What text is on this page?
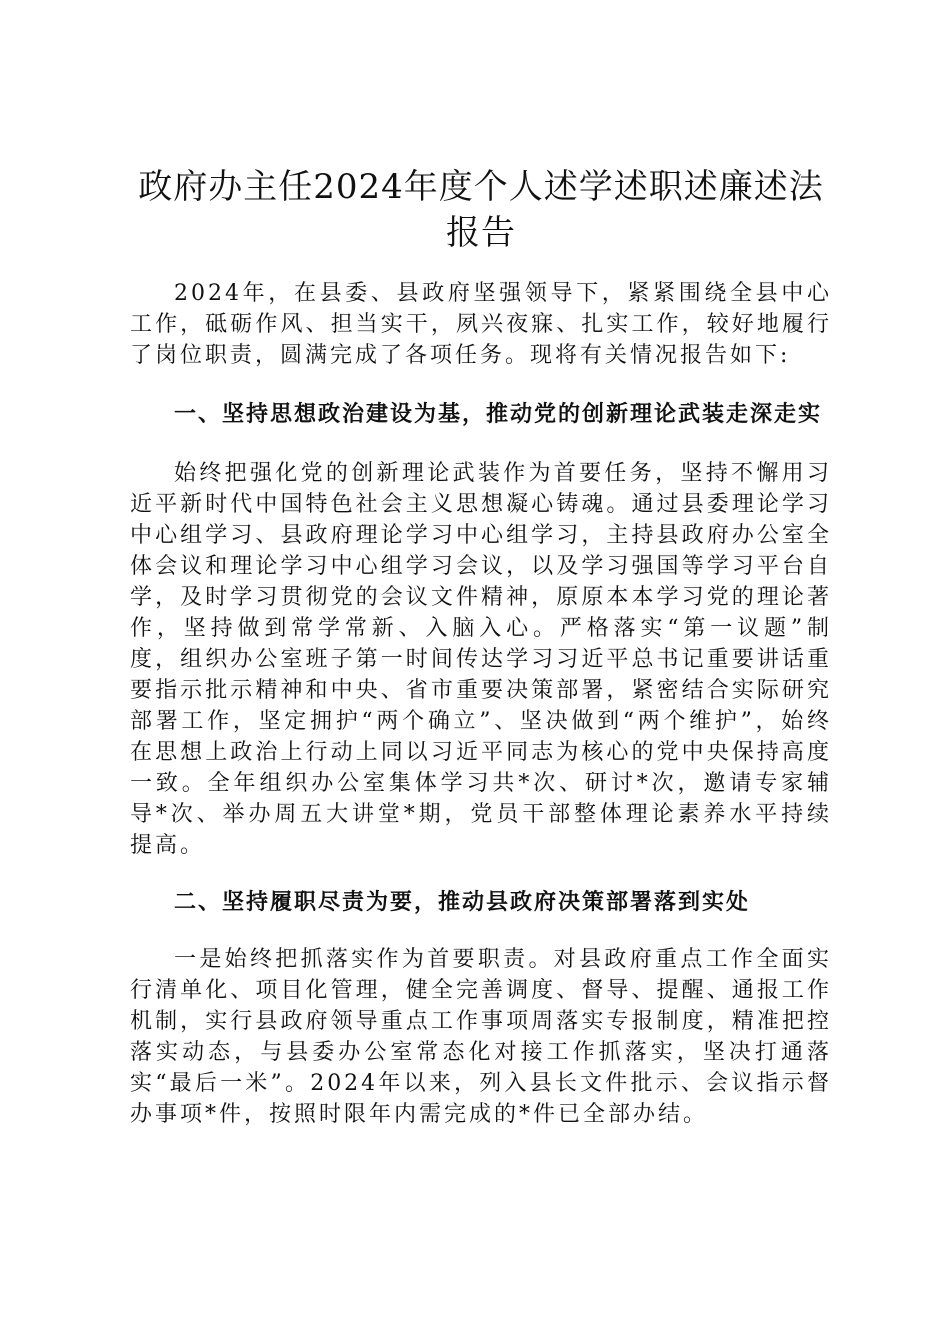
政府办主任2024年度个人述学述职述廉述法
报告

2024年，在县委、县政府坚强领导下，紧紧围绕全县中心工作，砥砺作风、担当实干，夙兴夜寐、扎实工作，较好地履行了岗位职责，圆满完成了各项任务。现将有关情况报告如下:

一、坚持思想政治建设为基，推动党的创新理论武装走深走实

始终把强化党的创新理论武装作为首要任务，坚持不懈用习近平新时代中国特色社会主义思想凝心铸魂。通过县委理论学习中心组学习、县政府理论学习中心组学习，主持县政府办公室全体会议和理论学习中心组学习会议，以及学习强国等学习平台自学，及时学习贯彻党的会议文件精神，原原本本学习党的理论著作，坚持做到常学常新、入脑入心。严格落实“第一议题”制度，组织办公室班子第一时间传达学习习近平总书记重要讲话重要指示批示精神和中央、省市重要决策部署，紧密结合实际研究部署工作，坚定拥护“两个确立”、坚决做到“两个维护”，始终在思想上政治上行动上同以习近平同志为核心的党中央保持高度一致。全年组织办公室集体学习共*次、研讨*次，邀请专家辅导*次、举办周五大讲堂*期，党员干部整体理论素养水平持续提高。

二、坚持履职尽责为要，推动县政府决策部署落到实处

一是始终把抓落实作为首要职责。对县政府重点工作全面实行清单化、项目化管理，健全完善调度、督导、提醒、通报工作机制，实行县政府领导重点工作事项周落实专报制度，精准把控落实动态，与县委办公室常态化对接工作抓落实，坚决打通落实“最后一米”。2024年以来，列入县长文件批示、会议指示督办事项*件，按照时限年内需完成的*件已全部办结。
